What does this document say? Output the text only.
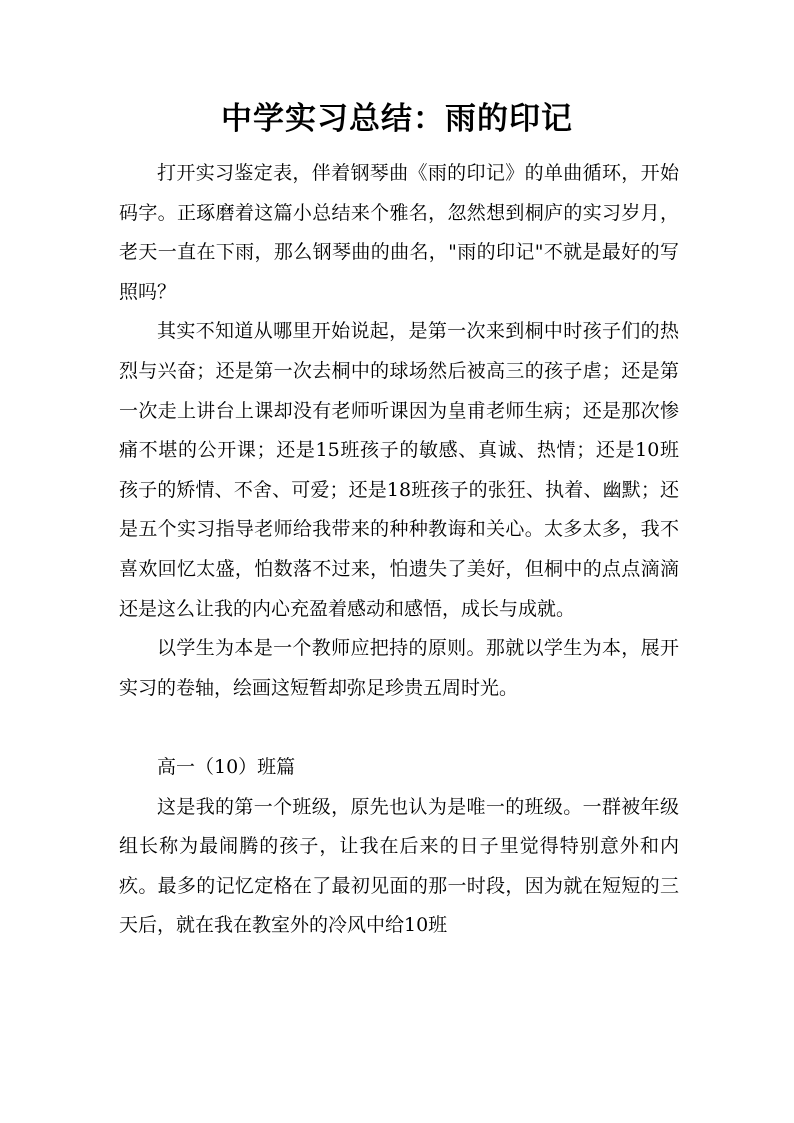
中学实习总结：雨的印记

打开实习鉴定表，伴着钢琴曲《雨的印记》的单曲循环，开始码字。正琢磨着这篇小总结来个雅名，忽然想到桐庐的实习岁月，老天一直在下雨，那么钢琴曲的曲名，"雨的印记"不就是最好的写照吗？

其实不知道从哪里开始说起，是第一次来到桐中时孩子们的热烈与兴奋；还是第一次去桐中的球场然后被高三的孩子虐；还是第一次走上讲台上课却没有老师听课因为皇甫老师生病；还是那次惨痛不堪的公开课；还是15班孩子的敏感、真诚、热情；还是10班孩子的矫情、不舍、可爱；还是18班孩子的张狂、执着、幽默；还是五个实习指导老师给我带来的种种教诲和关心。太多太多，我不喜欢回忆太盛，怕数落不过来，怕遗失了美好，但桐中的点点滴滴还是这么让我的内心充盈着感动和感悟，成长与成就。

以学生为本是一个教师应把持的原则。那就以学生为本，展开实习的卷轴，绘画这短暂却弥足珍贵五周时光。

高一（10）班篇

这是我的第一个班级，原先也认为是唯一的班级。一群被年级组长称为最闹腾的孩子，让我在后来的日子里觉得特别意外和内疚。最多的记忆定格在了最初见面的那一时段，因为就在短短的三天后，就在我在教室外的冷风中给10班
